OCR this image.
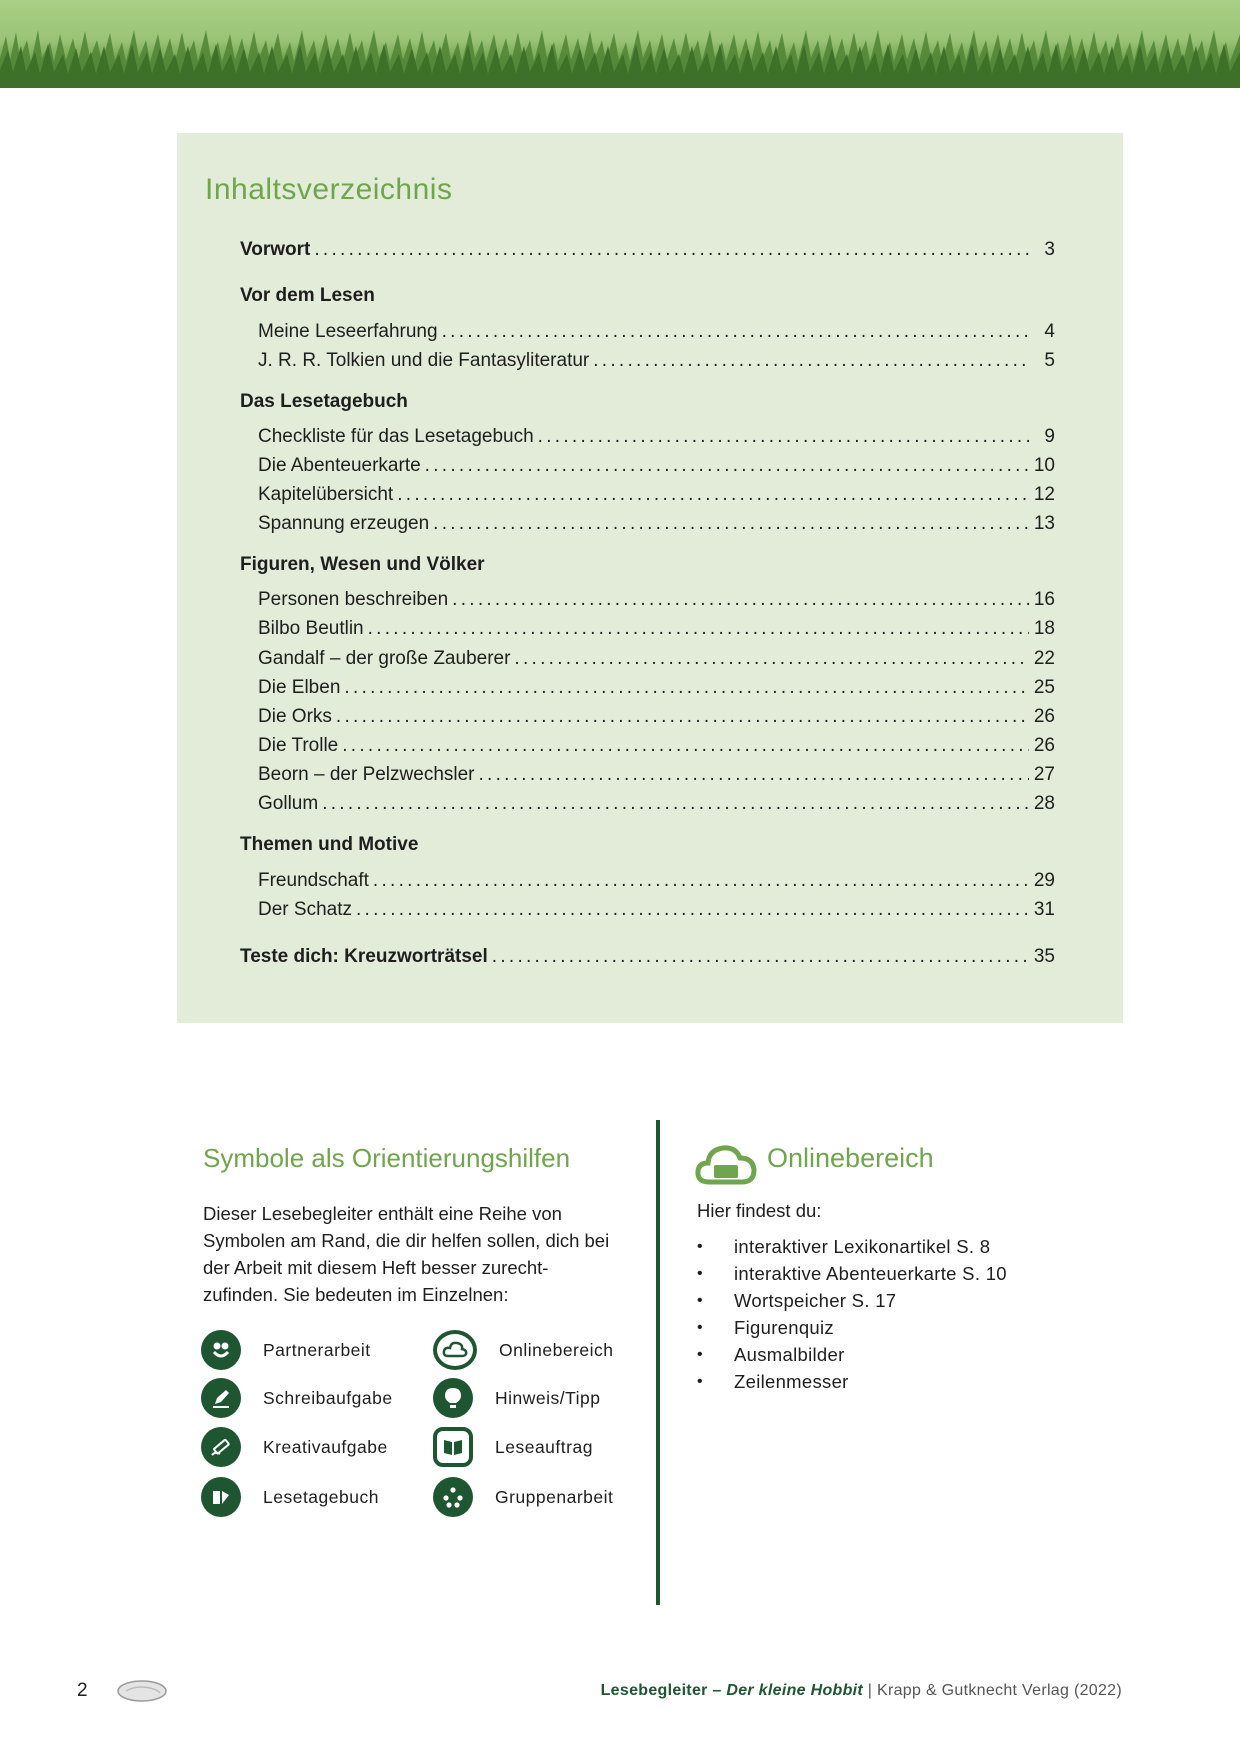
Inhaltsverzeichnis
Vorwort . . .	3
Vor dem Lesen
Meine Leseerfahrung . . .	4
J. R. R. Tolkien und die Fantasyliteratur . . .	5
Das Lesetagebuch
Checkliste für das Lesetagebuch . . .	9
Die Abenteuerkarte . . .	10
Kapitelübersicht . . .	12
Spannung erzeugen . . .	13
Figuren, Wesen und Völker
Personen beschreiben . . .	16
Bilbo Beutlin . . .	18
Gandalf – der große Zauberer . . .	22
Die Elben . . .	25
Die Orks . . .	26
Die Trolle . . .	26
Beorn – der Pelzwechsler . . .	27
Gollum . . .	28
Themen und Motive
Freundschaft . . .	29
Der Schatz . . .	31
Teste dich: Kreuzworträtsel . . .	35
Symbole als Orientierungshilfen
Dieser Lesebegleiter enthält eine Reihe von Symbolen am Rand, die dir helfen sollen, dich bei der Arbeit mit diesem Heft besser zurecht-zufinden. Sie bedeuten im Einzelnen:
Partnerarbeit
Schreibaufgabe
Kreativaufgabe
Lesetagebuch
Onlinebereich
Hinweis/Tipp
Leseauftrag
Gruppenarbeit
Onlinebereich
Hier findest du:
• interaktiver Lexikonartikel S. 8
• interaktive Abenteuerkarte S. 10
• Wortspeicher S. 17
• Figurenquiz
• Ausmalbilder
• Zeilenmesser
2	Lesebegleiter – Der kleine Hobbit | Krapp & Gutknecht Verlag (2022)
